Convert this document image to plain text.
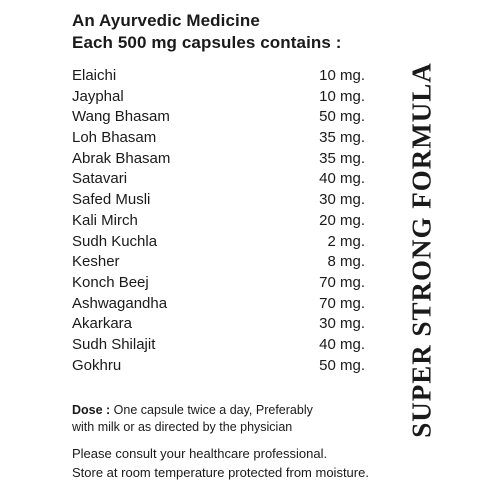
An Ayurvedic Medicine
Each 500 mg capsules contains :
Elaichi	10 mg.
Jayphal	10 mg.
Wang Bhasam	50 mg.
Loh Bhasam	35 mg.
Abrak Bhasam	35 mg.
Satavari	40 mg.
Safed Musli	30 mg.
Kali Mirch	20 mg.
Sudh Kuchla	2 mg.
Kesher	8 mg.
Konch Beej	70 mg.
Ashwagandha	70 mg.
Akarkara	30 mg.
Sudh Shilajit	40 mg.
Gokhru	50 mg.
Dose : One capsule twice a day, Preferably
with milk or as directed by the physician
Please consult your healthcare professional.
Store at room temperature protected from moisture.
SUPER STRONG FORMULA
